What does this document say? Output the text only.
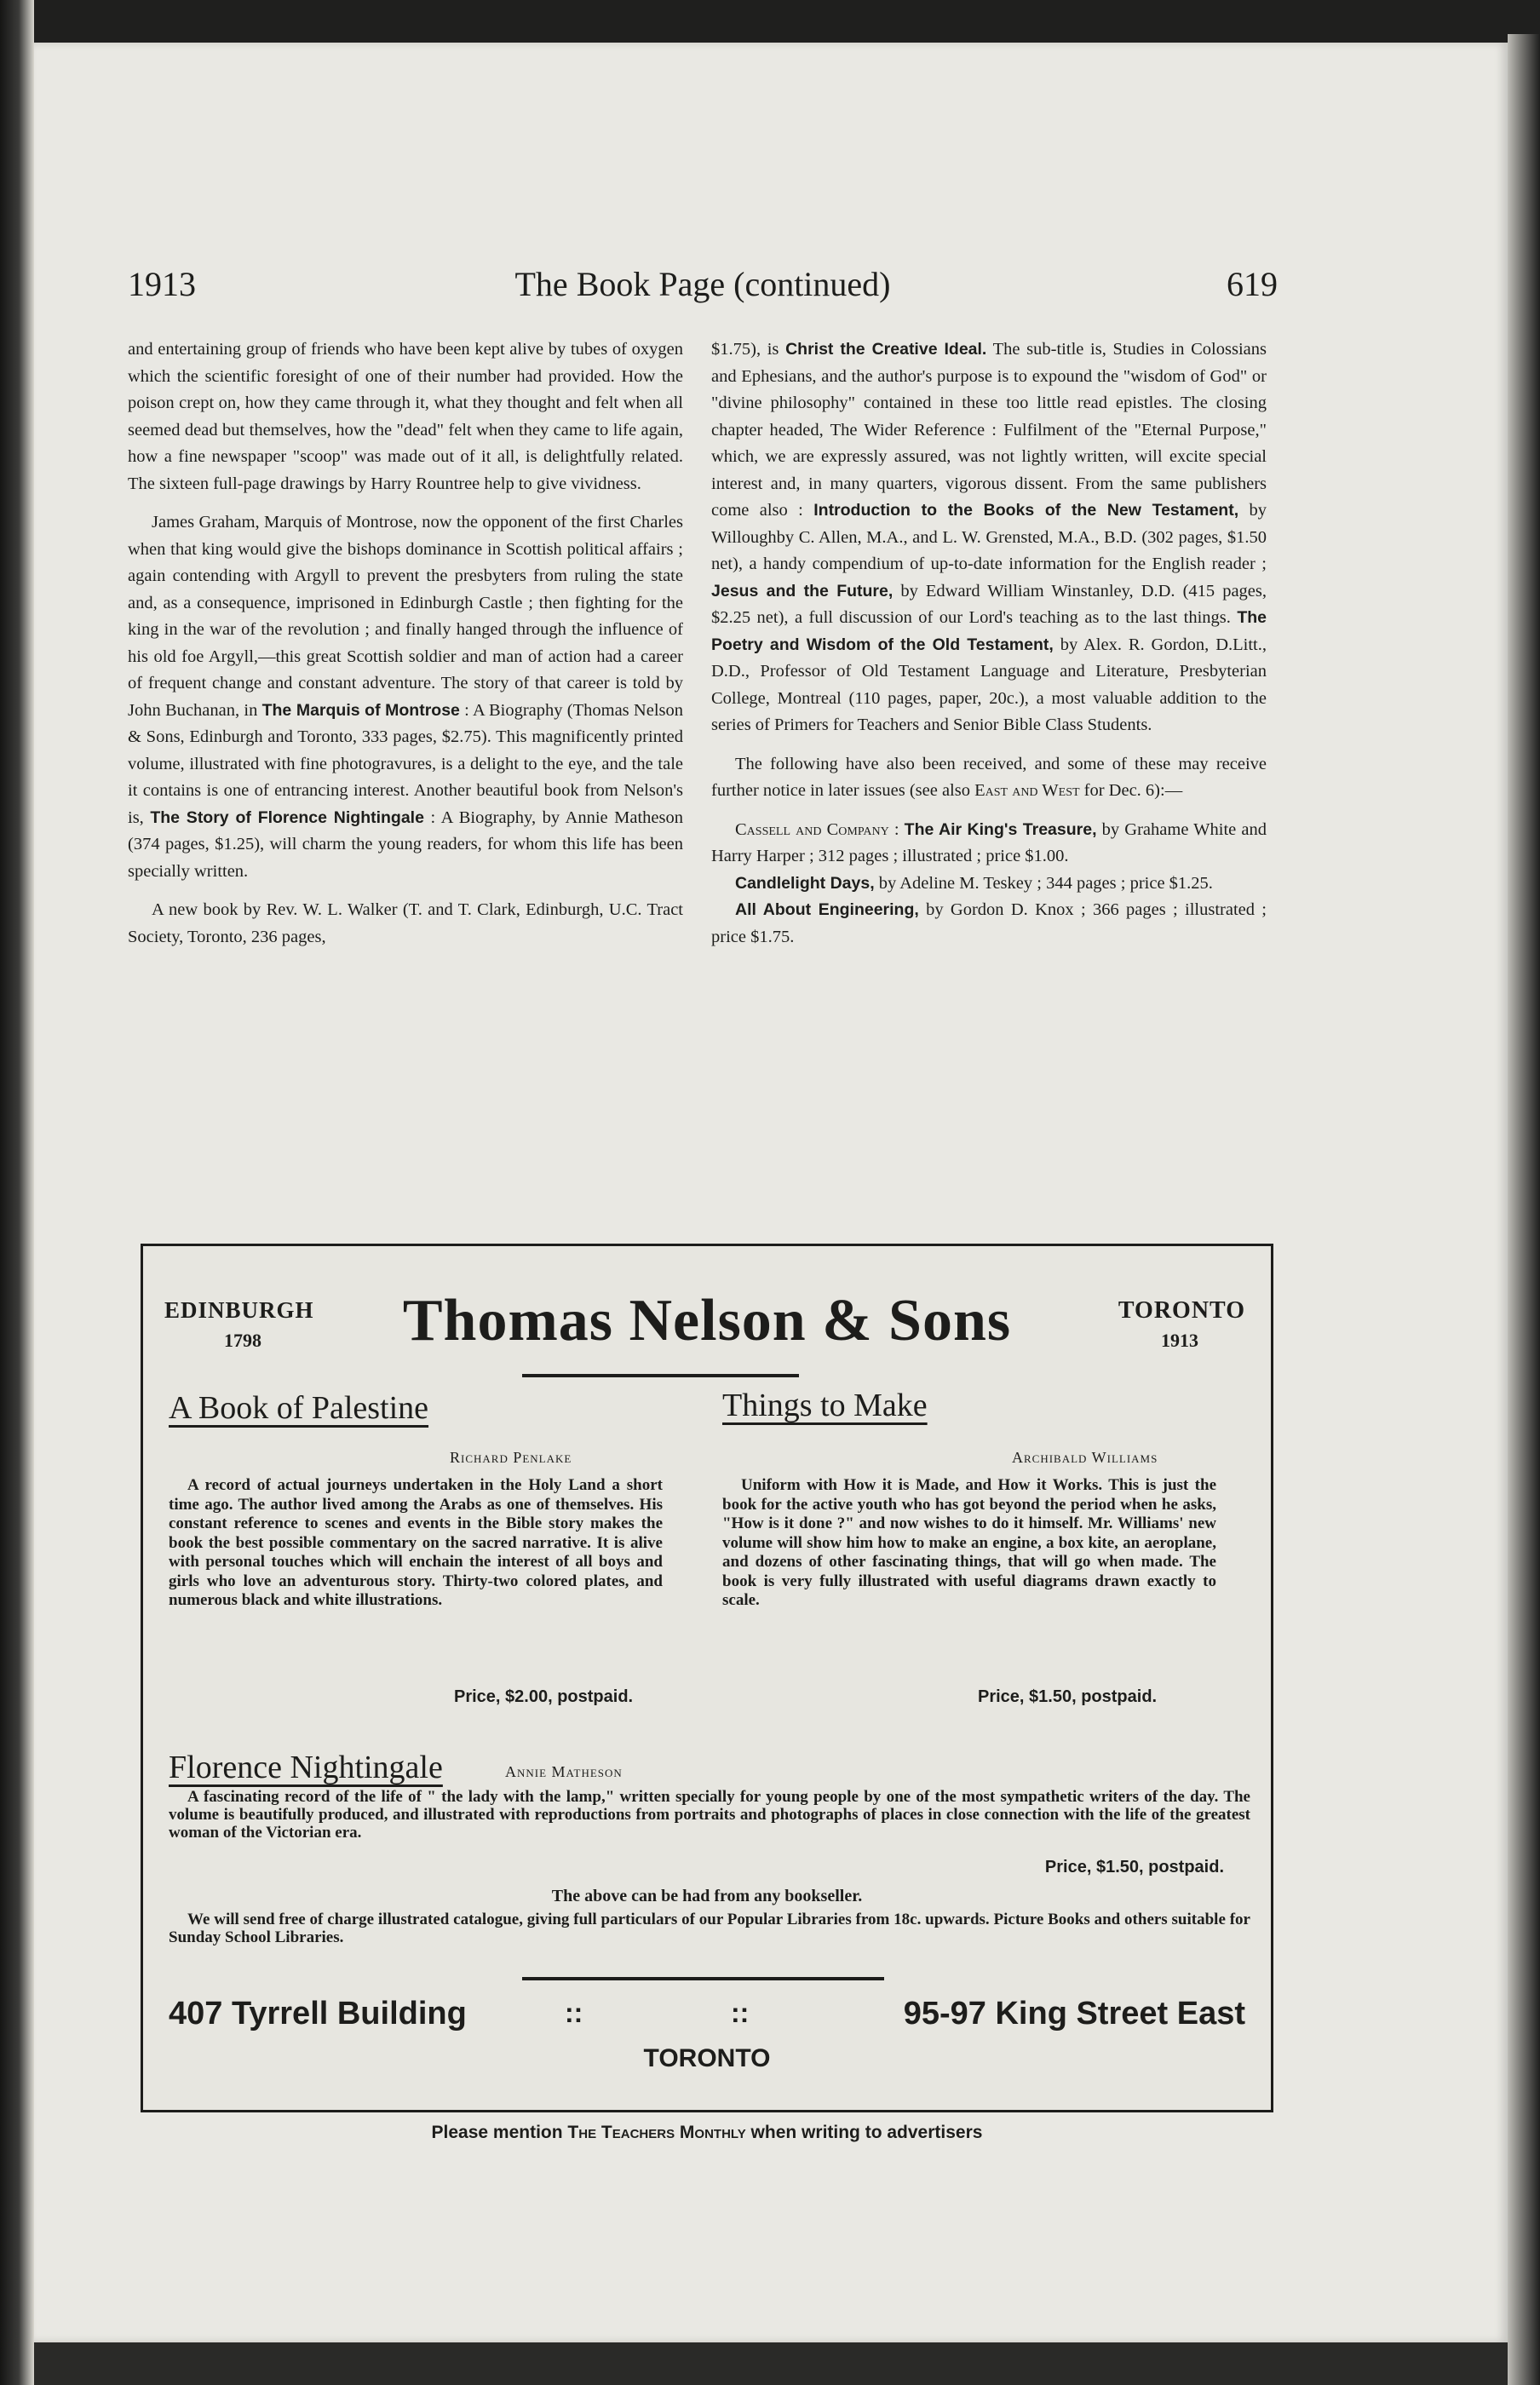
1913	The Book Page (continued)	619

and entertaining group of friends who have been kept alive by tubes of oxygen which the scientific foresight of one of their number had provided. How the poison crept on, how they came through it, what they thought and felt when all seemed dead but themselves, how the "dead" felt when they came to life again, how a fine newspaper "scoop" was made out of it all, is delightfully related. The sixteen full-page drawings by Harry Rountree help to give vividness.

James Graham, Marquis of Montrose, now the opponent of the first Charles when that king would give the bishops dominance in Scottish political affairs ; again contending with Argyll to prevent the presbyters from ruling the state and, as a consequence, imprisoned in Edinburgh Castle ; then fighting for the king in the war of the revolution ; and finally hanged through the influence of his old foe Argyll,—this great Scottish soldier and man of action had a career of frequent change and constant adventure. The story of that career is told by John Buchanan, in The Marquis of Montrose : A Biography (Thomas Nelson & Sons, Edinburgh and Toronto, 333 pages, $2.75). This magnificently printed volume, illustrated with fine photogravures, is a delight to the eye, and the tale it contains is one of entrancing interest. Another beautiful book from Nelson's is, The Story of Florence Nightingale : A Biography, by Annie Matheson (374 pages, $1.25), will charm the young readers, for whom this life has been specially written.

A new book by Rev. W. L. Walker (T. and T. Clark, Edinburgh, U.C. Tract Society, Toronto, 236 pages,

$1.75), is Christ the Creative Ideal. The sub-title is, Studies in Colossians and Ephesians, and the author's purpose is to expound the "wisdom of God" or "divine philosophy" contained in these too little read epistles. The closing chapter headed, The Wider Reference : Fulfilment of the "Eternal Purpose," which, we are expressly assured, was not lightly written, will excite special interest and, in many quarters, vigorous dissent. From the same publishers come also : Introduction to the Books of the New Testament, by Willoughby C. Allen, M.A., and L. W. Grensted, M.A., B.D. (302 pages, $1.50 net), a handy compendium of up-to-date information for the English reader ; Jesus and the Future, by Edward William Winstanley, D.D. (415 pages, $2.25 net), a full discussion of our Lord's teaching as to the last things. The Poetry and Wisdom of the Old Testament, by Alex. R. Gordon, D.Litt., D.D., Professor of Old Testament Language and Literature, Presbyterian College, Montreal (110 pages, paper, 20c.), a most valuable addition to the series of Primers for Teachers and Senior Bible Class Students.

The following have also been received, and some of these may receive further notice in later issues (see also East and West for Dec. 6):—

Cassell and Company : The Air King's Treasure, by Grahame White and Harry Harper ; 312 pages ; illustrated ; price $1.00.

Candlelight Days, by Adeline M. Teskey ; 344 pages ; price $1.25.

All About Engineering, by Gordon D. Knox ; 366 pages ; illustrated ; price $1.75.

EDINBURGH
1798	Thomas Nelson & Sons	TORONTO
1913
A Book of Palestine
Richard Penlake
A record of actual journeys undertaken in the Holy Land a short time ago. The author lived among the Arabs as one of themselves. His constant reference to scenes and events in the Bible story makes the book the best possible commentary on the sacred narrative. It is alive with personal touches which will enchain the interest of all boys and girls who love an adventurous story. Thirty-two colored plates, and numerous black and white illustrations.
Price, $2.00, postpaid.
Things to Make
Archibald Williams
Uniform with How it is Made, and How it Works. This is just the book for the active youth who has got beyond the period when he asks, "How is it done ?" and now wishes to do it himself. Mr. Williams' new volume will show him how to make an engine, a box kite, an aeroplane, and dozens of other fascinating things, that will go when made. The book is very fully illustrated with useful diagrams drawn exactly to scale.
Price, $1.50, postpaid.
Florence Nightingale	Annie Matheson
A fascinating record of the life of " the lady with the lamp," written specially for young people by one of the most sympathetic writers of the day. The volume is beautifully produced, and illustrated with reproductions from portraits and photographs of places in close connection with the life of the greatest woman of the Victorian era.
Price, $1.50, postpaid.
The above can be had from any bookseller.
We will send free of charge illustrated catalogue, giving full particulars of our Popular Libraries from 18c. upwards. Picture Books and others suitable for Sunday School Libraries.
407 Tyrrell Building	::	::	95-97 King Street East
TORONTO
Please mention The Teachers Monthly when writing to advertisers
